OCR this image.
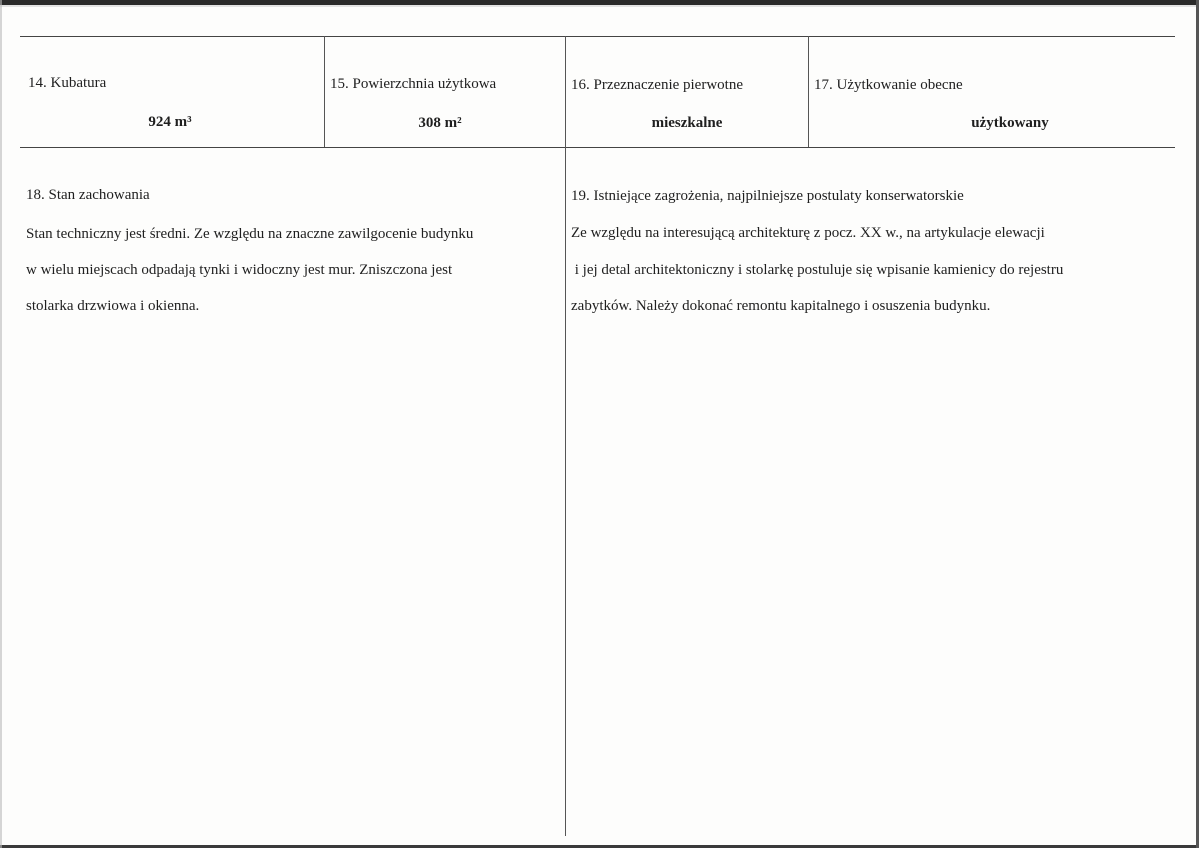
14. Kubatura
924 m³
15. Powierzchnia użytkowa
308 m²
16. Przeznaczenie pierwotne
mieszkalne
17. Użytkowanie obecne
użytkowany
18. Stan zachowania
Stan techniczny jest średni. Ze względu na znaczne zawilgocenie budynku
w wielu miejscach odpadają tynki i widoczny jest mur. Zniszczona jest
stolarka drzwiowa i okienna.
19. Istniejące zagrożenia, najpilniejsze postulaty konserwatorskie
Ze względu na interesującą architekturę z pocz. XX w., na artykulacje elewacji
i jej detal architektoniczny i stolarkę postuluje się wpisanie kamienicy do rejestru
zabytków. Należy dokonać remontu kapitalnego i osuszenia budynku.
